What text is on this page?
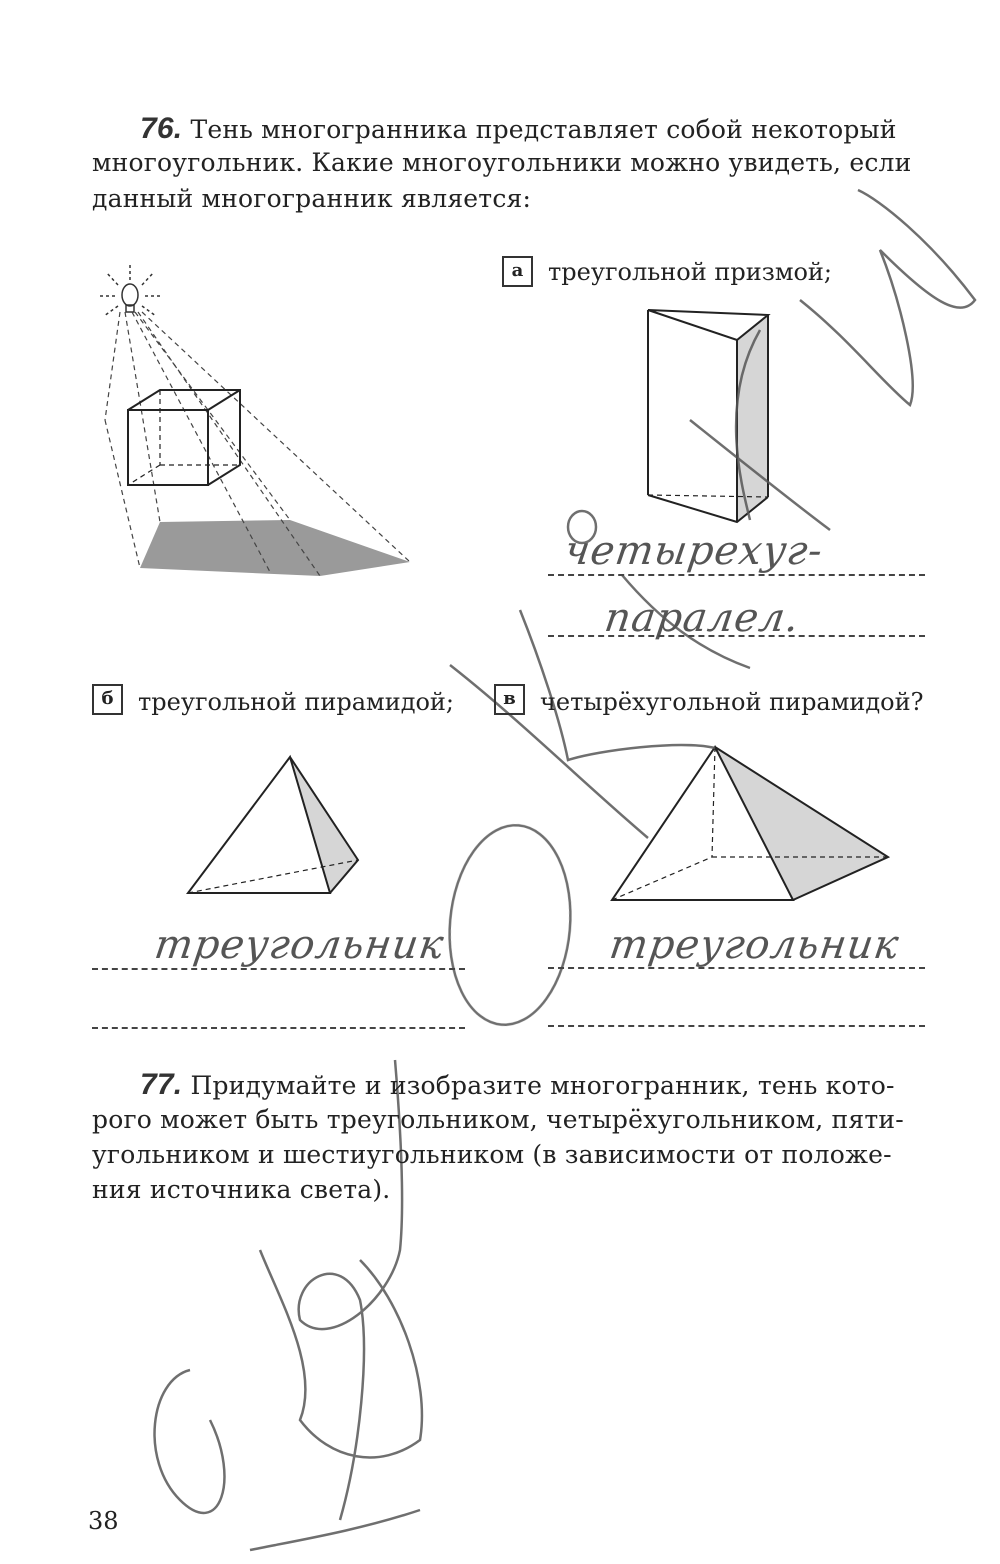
76. Тень многогранника представляет собой некоторый
многоугольник. Какие многоугольники можно увидеть, если
данный многогранник является:
а	треугольной призмой;
четырехуг-
паралел.
б	треугольной пирамидой;	в	четырёхугольной пирамидой?
треугольник	треугольник
77. Придумайте и изобразите многогранник, тень кото-
рого может быть треугольником, четырёхугольником, пяти-
угольником и шестиугольником (в зависимости от положе-
ния источника света).
38
